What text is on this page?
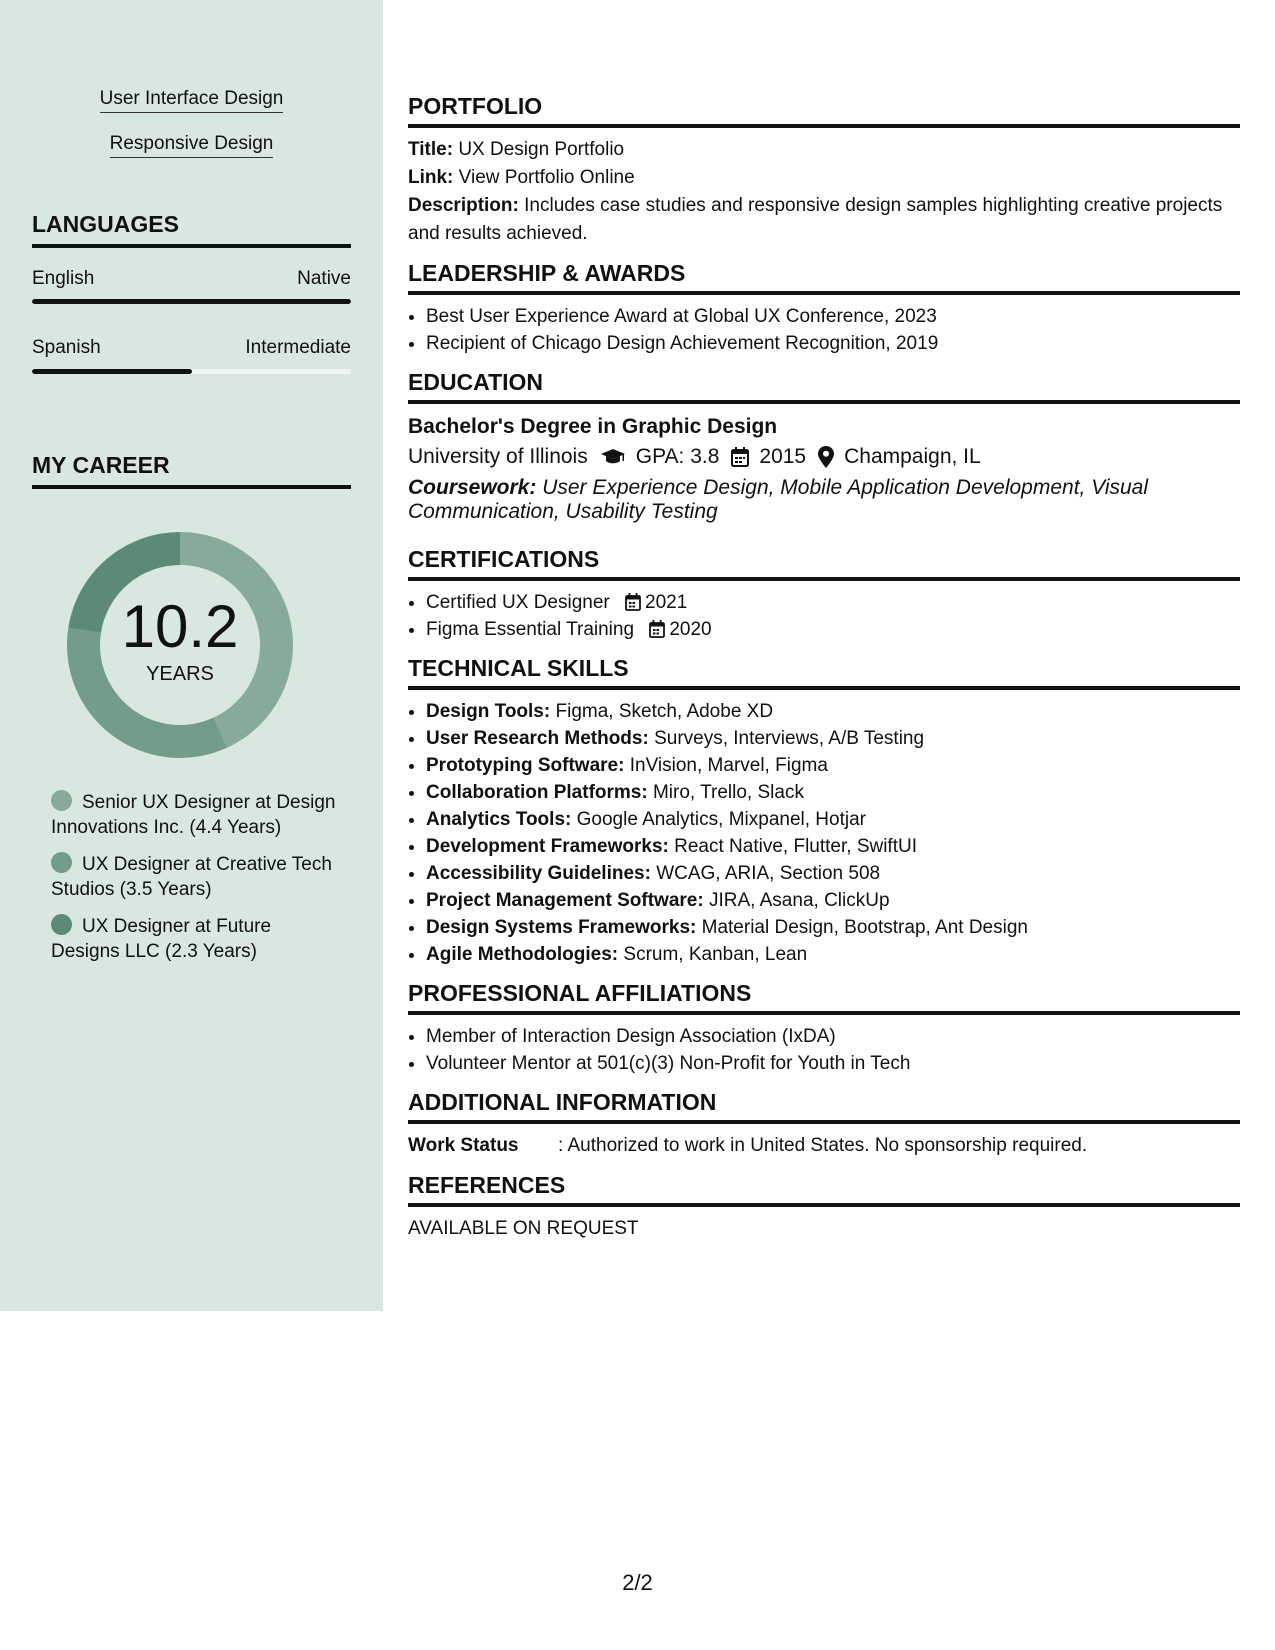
User Interface Design
Responsive Design
LANGUAGES
English	Native
Spanish	Intermediate
MY CAREER
10.2
YEARS
Senior UX Designer at Design Innovations Inc. (4.4 Years)
UX Designer at Creative Tech Studios (3.5 Years)
UX Designer at Future Designs LLC (2.3 Years)
PORTFOLIO
Title: UX Design Portfolio
Link: View Portfolio Online
Description: Includes case studies and responsive design samples highlighting creative projects and results achieved.
LEADERSHIP & AWARDS
• Best User Experience Award at Global UX Conference, 2023
• Recipient of Chicago Design Achievement Recognition, 2019
EDUCATION
Bachelor's Degree in Graphic Design
University of Illinois GPA: 3.8 2015 Champaign, IL
Coursework: User Experience Design, Mobile Application Development, Visual Communication, Usability Testing
CERTIFICATIONS
• Certified UX Designer 2021
• Figma Essential Training 2020
TECHNICAL SKILLS
• Design Tools: Figma, Sketch, Adobe XD
• User Research Methods: Surveys, Interviews, A/B Testing
• Prototyping Software: InVision, Marvel, Figma
• Collaboration Platforms: Miro, Trello, Slack
• Analytics Tools: Google Analytics, Mixpanel, Hotjar
• Development Frameworks: React Native, Flutter, SwiftUI
• Accessibility Guidelines: WCAG, ARIA, Section 508
• Project Management Software: JIRA, Asana, ClickUp
• Design Systems Frameworks: Material Design, Bootstrap, Ant Design
• Agile Methodologies: Scrum, Kanban, Lean
PROFESSIONAL AFFILIATIONS
• Member of Interaction Design Association (IxDA)
• Volunteer Mentor at 501(c)(3) Non-Profit for Youth in Tech
ADDITIONAL INFORMATION
Work Status	: Authorized to work in United States. No sponsorship required.
REFERENCES
AVAILABLE ON REQUEST
2/2
